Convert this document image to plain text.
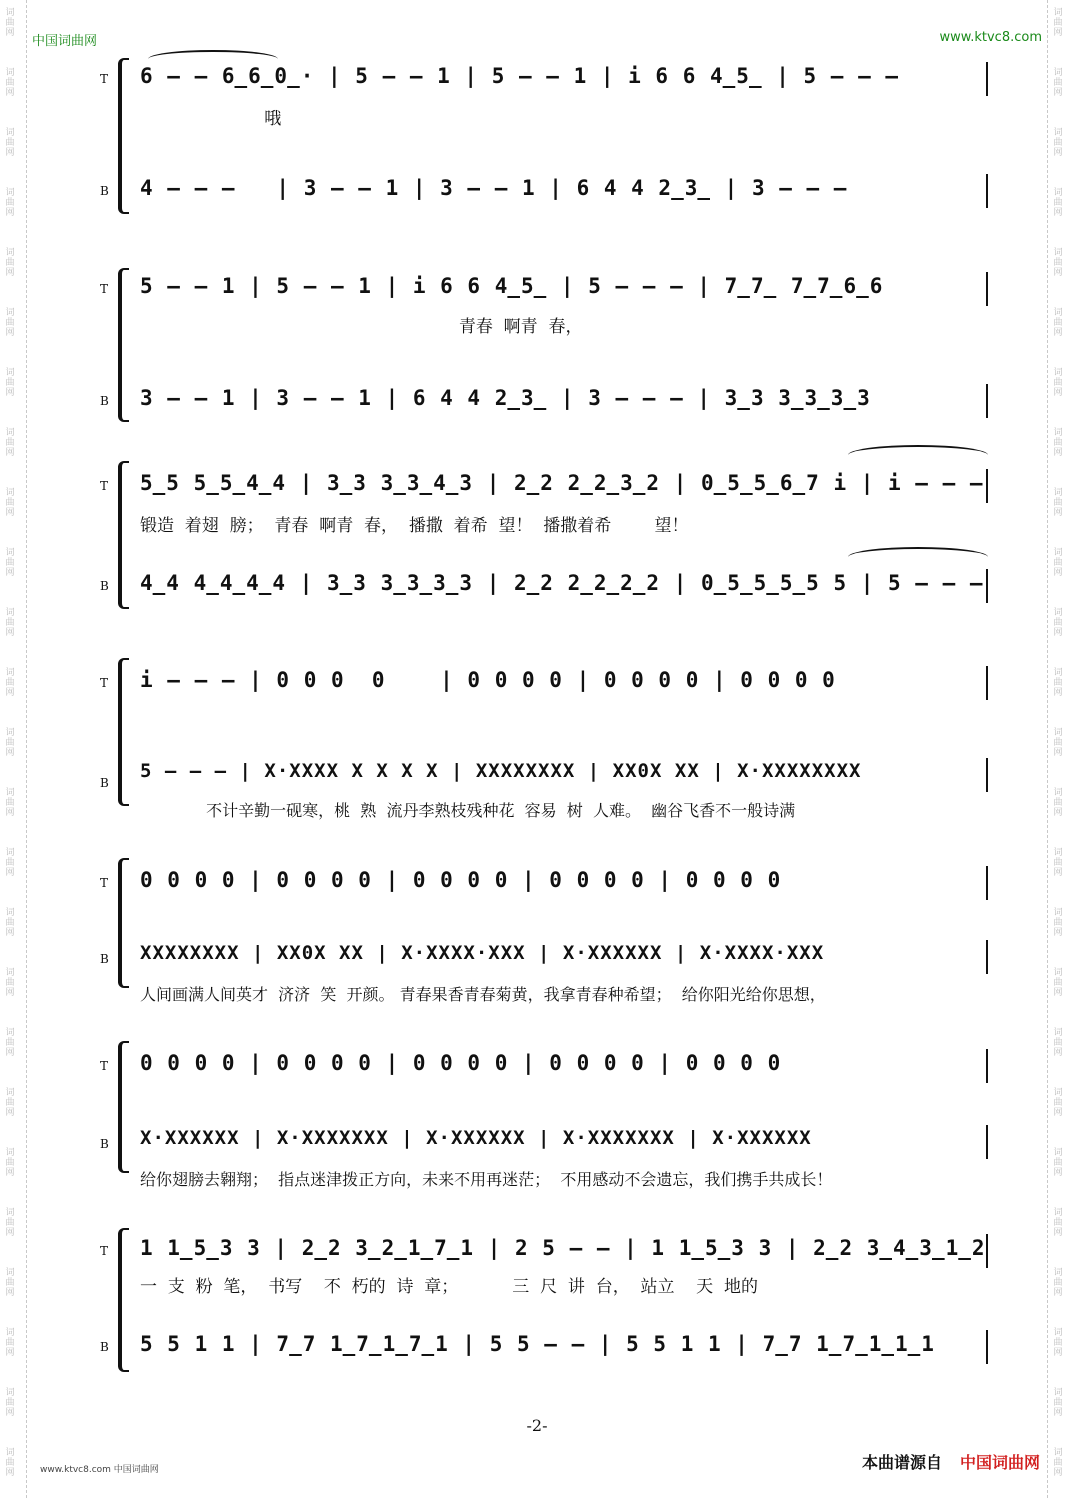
词曲网
词曲网
词曲网
词曲网
词曲网
词曲网
词曲网
词曲网
词曲网
词曲网
词曲网
词曲网
词曲网
词曲网
词曲网
词曲网
词曲网
词曲网
词曲网
词曲网
词曲网
词曲网
词曲网
词曲网
词曲网
词曲网
词曲网
词曲网
词曲网
词曲网
词曲网
词曲网
词曲网
词曲网
词曲网
词曲网
词曲网
词曲网
词曲网
词曲网
词曲网
词曲网
词曲网
词曲网
词曲网
词曲网
词曲网
词曲网
词曲网
词曲网
中国词曲网	www.ktvc8.com
T
B
6 — — 6̲6̲0̲· | 5 — — 1 | 5 — — 1 | i 6 6 4̲5̲ | 5 — — —
哦
4 — — —   | 3 — — 1 | 3 — — 1 | 6 4 4 2̲3̲ | 3 — — —
T
B
5 — — 1 | 5 — — 1 | i 6 6 4̲5̲ | 5 — — — | 7̲7̲ 7̲7̲6̲6
青春  啊青  春，
3 — — 1 | 3 — — 1 | 6 4 4 2̲3̲ | 3 — — — | 3̲3 3̲3̲3̲3
T
B
5̲5 5̲5̲4̲4 | 3̲3 3̲3̲4̲3 | 2̲2 2̲2̲3̲2 | 0̲5̲5̲6̲7 i | i — — —
锻造  着翅  膀；  青春  啊青  春，  播撒  着希  望！  播撒着希        望！
4̲4 4̲4̲4̲4 | 3̲3 3̲3̲3̲3 | 2̲2 2̲2̲2̲2 | 0̲5̲5̲5̲5 5 | 5 — — —
T
B
i — — — | 0 0 0  0    | 0 0 0 0 | 0 0 0 0 | 0 0 0 0
5 — — — | X·XXXX X X X X | XXXXXXXX | XX0X XX | X·XXXXXXXX
不计辛勤一砚寒，桃  熟  流丹李熟枝残种花  容易  树  人难。  幽谷飞香不一般诗满
T
B
0 0 0 0 | 0 0 0 0 | 0 0 0 0 | 0 0 0 0 | 0 0 0 0
XXXXXXXX | XX0X XX | X·XXXX·XXX | X·XXXXXX | X·XXXX·XXX
人间画满人间英才  济济  笑  开颜。 青春果香青春菊黄，我拿青春种希望；  给你阳光给你思想，
T
B
0 0 0 0 | 0 0 0 0 | 0 0 0 0 | 0 0 0 0 | 0 0 0 0
X·XXXXXX | X·XXXXXXX | X·XXXXXX | X·XXXXXXX | X·XXXXXX
给你翅膀去翱翔；  指点迷津拨正方向，未来不用再迷茫；  不用感动不会遗忘，我们携手共成长！
T
B
1 1̲5̲3 3 | 2̲2 3̲2̲1̲7̲1 | 2 5 — — | 1 1̲5̲3 3 | 2̲2 3̲4̲3̲1̲2
一  支  粉  笔，  书写    不  朽的  诗  章；          三  尺  讲  台，  站立    天  地的
5 5 1 1 | 7̲7 1̲7̲1̲7̲1 | 5 5 — — | 5 5 1 1 | 7̲7 1̲7̲1̲1̲1
-2-
www.ktvc8.com 中国词曲网	本曲谱源自 中国词曲网
